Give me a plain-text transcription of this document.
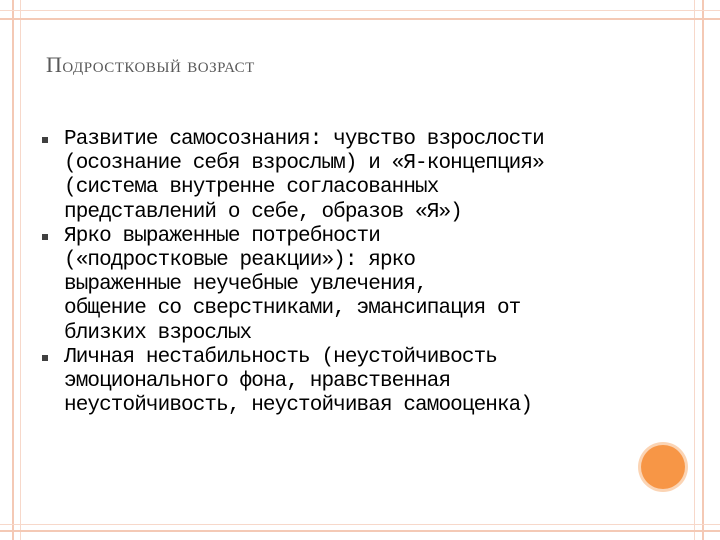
Подростковый возраст
Развитие самосознания: чувство взрослости
(осознание себя взрослым) и «Я-концепция»
(система внутренне согласованных
представлений о себе, образов «Я»)
Ярко выраженные потребности
(«подростковые реакции»): ярко
выраженные неучебные увлечения,
общение со сверстниками, эмансипация от
близких взрослых
Личная нестабильность (неустойчивость
эмоционального фона, нравственная
неустойчивость, неустойчивая самооценка)
